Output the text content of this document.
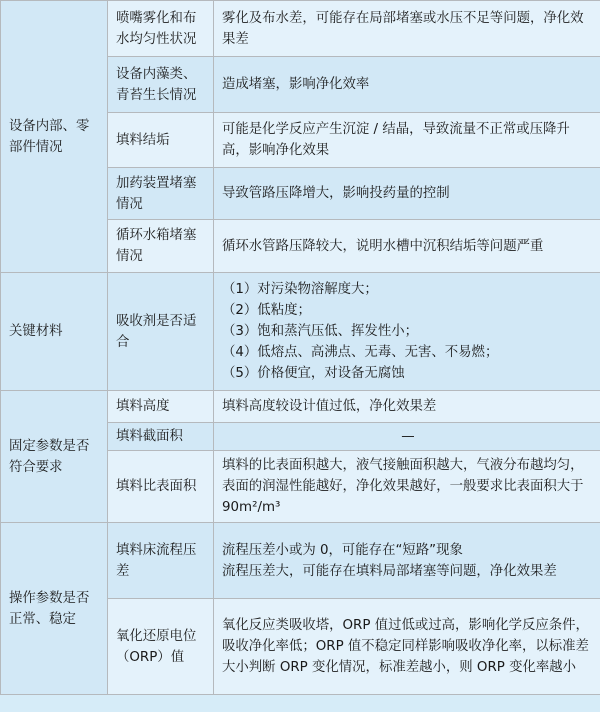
设备内部、零部件情况	喷嘴雾化和布水均匀性状况	雾化及布水差，可能存在局部堵塞或水压不足等问题，净化效果差
	设备内藻类、青苔生长情况	造成堵塞，影响净化效率
	填料结垢	可能是化学反应产生沉淀 / 结晶，导致流量不正常或压降升高，影响净化效果
	加药装置堵塞情况	导致管路压降增大，影响投药量的控制
	循环水箱堵塞情况	循环水管路压降较大，说明水槽中沉积结垢等问题严重
关键材料	吸收剂是否适合	（1）对污染物溶解度大；
（2）低粘度；
（3）饱和蒸汽压低、挥发性小；
（4）低熔点、高沸点、无毒、无害、不易燃；
（5）价格便宜，对设备无腐蚀

固定参数是否符合要求	填料高度	填料高度较设计值过低，净化效果差
	填料截面积	—
	填料比表面积	填料的比表面积越大，液气接触面积越大，气液分布越均匀，表面的润湿性能越好，净化效果越好，一般要求比表面积大于 90m²/m³
操作参数是否正常、稳定	填料床流程压差	流程压差小或为 0，可能存在“短路”现象
流程压差大，可能存在填料局部堵塞等问题，净化效果差

	氧化还原电位（ORP）值	氧化反应类吸收塔，ORP 值过低或过高，影响化学反应条件，吸收净化率低；ORP 值不稳定同样影响吸收净化率，以标准差大小判断 ORP 变化情况，标准差越小，则 ORP 变化率越小
